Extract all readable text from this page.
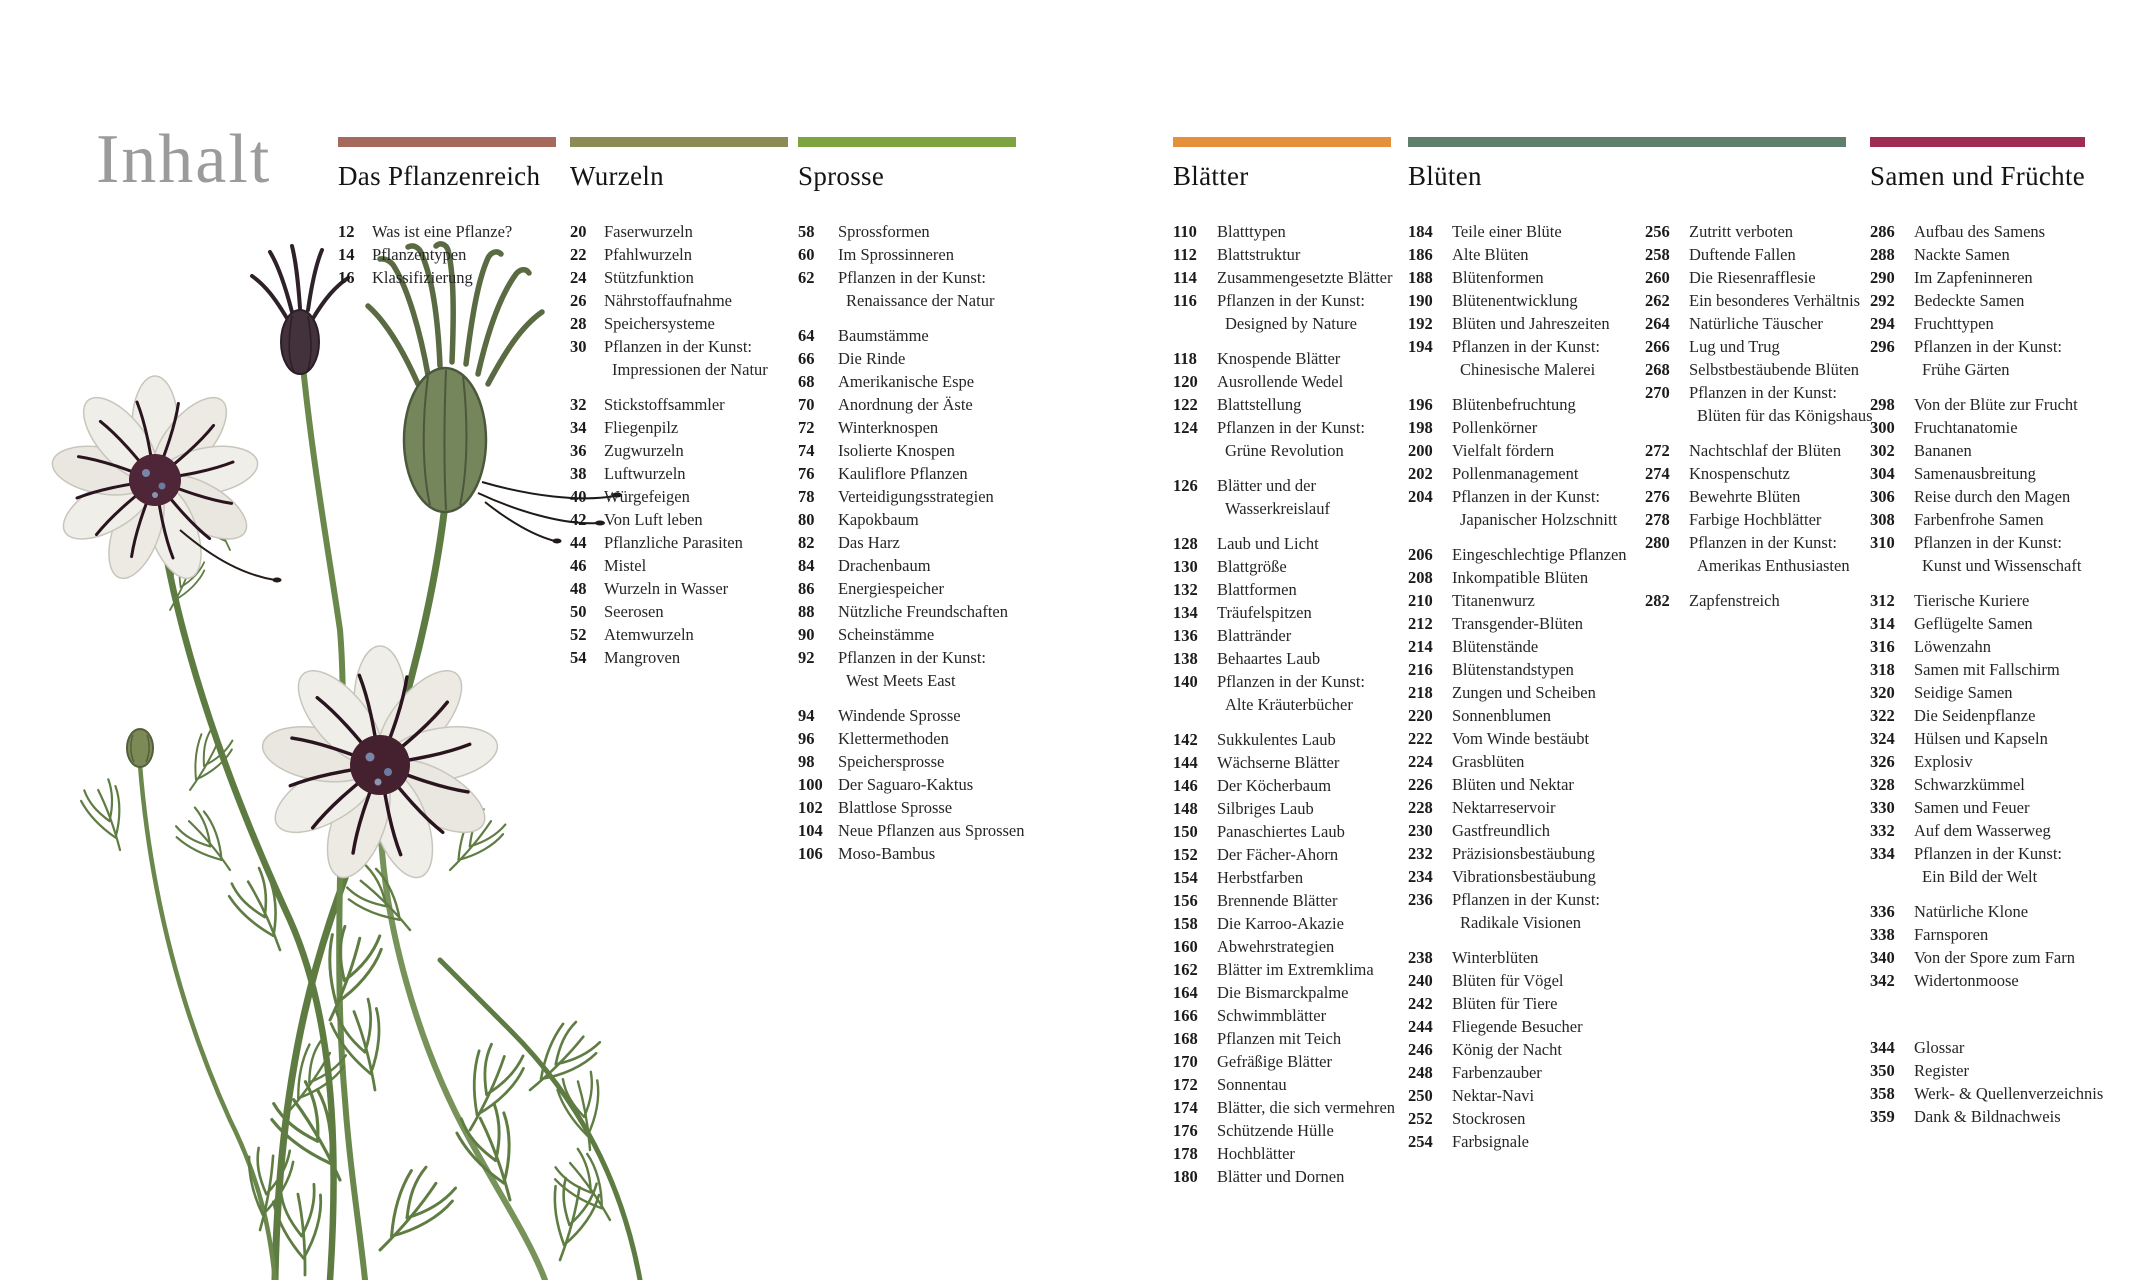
Inhalt Das Pflanzenreich
12	Was ist eine Pflanze?
14	Pflanzentypen
16	Klassifizierung
Wurzeln
20	Faserwurzeln
22	Pfahlwurzeln
24	Stützfunktion
26	Nährstoffaufnahme
28	Speichersysteme
30	Pflanzen in der Kunst:
Impressionen der Natur
32	Stickstoffsammler
34	Fliegenpilz
36	Zugwurzeln
38	Luftwurzeln
40	Würgefeigen
42	Von Luft leben
44	Pflanzliche Parasiten
46	Mistel
48	Wurzeln in Wasser
50	Seerosen
52	Atemwurzeln
54	Mangroven
Sprosse
58	Sprossformen
60	Im Sprossinneren
62	Pflanzen in der Kunst:
Renaissance der Natur
64	Baumstämme
66	Die Rinde
68	Amerikanische Espe
70	Anordnung der Äste
72	Winterknospen
74	Isolierte Knospen
76	Kauliflore Pflanzen
78	Verteidigungsstrategien
80	Kapokbaum
82	Das Harz
84	Drachenbaum
86	Energiespeicher
88	Nützliche Freundschaften
90	Scheinstämme
92	Pflanzen in der Kunst:
West Meets East
94	Windende Sprosse
96	Klettermethoden
98	Speichersprosse
100 Der Saguaro-Kaktus
102 Blattlose Sprosse
104 Neue Pflanzen aus Sprossen
106 Moso-Bambus
Blätter
110	Blatttypen
112	Blattstruktur
114	Zusammengesetzte Blätter
116	Pflanzen in der Kunst:
Designed by Nature
118	Knospende Blätter
120	Ausrollende Wedel
122	Blattstellung
124	Pflanzen in der Kunst:
Grüne Revolution
126	Blätter und der
Wasserkreislauf
128	Laub und Licht
130	Blattgröße
132	Blattformen
134	Träufelspitzen
136	Blattränder
138	Behaartes Laub
140	Pflanzen in der Kunst:
Alte Kräuterbücher
142	Sukkulentes Laub
144	Wächserne Blätter
146	Der Köcherbaum
148	Silbriges Laub
150	Panaschiertes Laub
152	Der Fächer-Ahorn
154	Herbstfarben
156	Brennende Blätter
158	Die Karroo-Akazie
160	Abwehrstrategien
162	Blätter im Extremklima
164	Die Bismarckpalme
166	Schwimmblätter
168	Pflanzen mit Teich
170	Gefräßige Blätter
172	Sonnentau
174	Blätter, die sich vermehren
176	Schützende Hülle
178	Hochblätter
180	Blätter und Dornen
Blüten
184	Teile einer Blüte
186	Alte Blüten
188	Blütenformen
190	Blütenentwicklung
192	Blüten und Jahreszeiten
194	Pflanzen in der Kunst:
Chinesische Malerei
196	Blütenbefruchtung
198	Pollenkörner
200	Vielfalt fördern
202	Pollenmanagement
204	Pflanzen in der Kunst:
Japanischer Holzschnitt
206	Eingeschlechtige Pflanzen
208	Inkompatible Blüten
210	Titanenwurz
212	Transgender-Blüten
214	Blütenstände
216	Blütenstandstypen
218	Zungen und Scheiben
220	Sonnenblumen
222	Vom Winde bestäubt
224	Grasblüten
226	Blüten und Nektar
228	Nektarreservoir
230	Gastfreundlich
232	Präzisionsbestäubung
234	Vibrationsbestäubung
236	Pflanzen in der Kunst:
Radikale Visionen
238	Winterblüten
240	Blüten für Vögel
242	Blüten für Tiere
244	Fliegende Besucher
246	König der Nacht
248	Farbenzauber
250	Nektar-Navi
252	Stockrosen
254	Farbsignale
256	Zutritt verboten
258	Duftende Fallen
260	Die Riesenrafflesie
262	Ein besonderes Verhältnis
264	Natürliche Täuscher
266	Lug und Trug
268	Selbstbestäubende Blüten
270	Pflanzen in der Kunst:
Blüten für das Königshaus
272	Nachtschlaf der Blüten
274	Knospenschutz
276	Bewehrte Blüten
278	Farbige Hochblätter
280	Pflanzen in der Kunst:
Amerikas Enthusiasten
282	Zapfenstreich
Samen und Früchte
286	Aufbau des Samens
288	Nackte Samen
290	Im Zapfeninneren
292	Bedeckte Samen
294	Fruchttypen
296	Pflanzen in der Kunst:
Frühe Gärten
298	Von der Blüte zur Frucht
300	Fruchtanatomie
302	Bananen
304	Samenausbreitung
306	Reise durch den Magen
308	Farbenfrohe Samen
310	Pflanzen in der Kunst:
Kunst und Wissenschaft
312	Tierische Kuriere
314	Geflügelte Samen
316	Löwenzahn
318	Samen mit Fallschirm
320	Seidige Samen
322	Die Seidenpflanze
324	Hülsen und Kapseln
326	Explosiv
328	Schwarzkümmel
330	Samen und Feuer
332	Auf dem Wasserweg
334	Pflanzen in der Kunst:
Ein Bild der Welt
336	Natürliche Klone
338	Farnsporen
340	Von der Spore zum Farn
342	Widertonmoose
344	Glossar
350	Register
358	Werk- & Quellenverzeichnis
359	Dank & Bildnachweis
